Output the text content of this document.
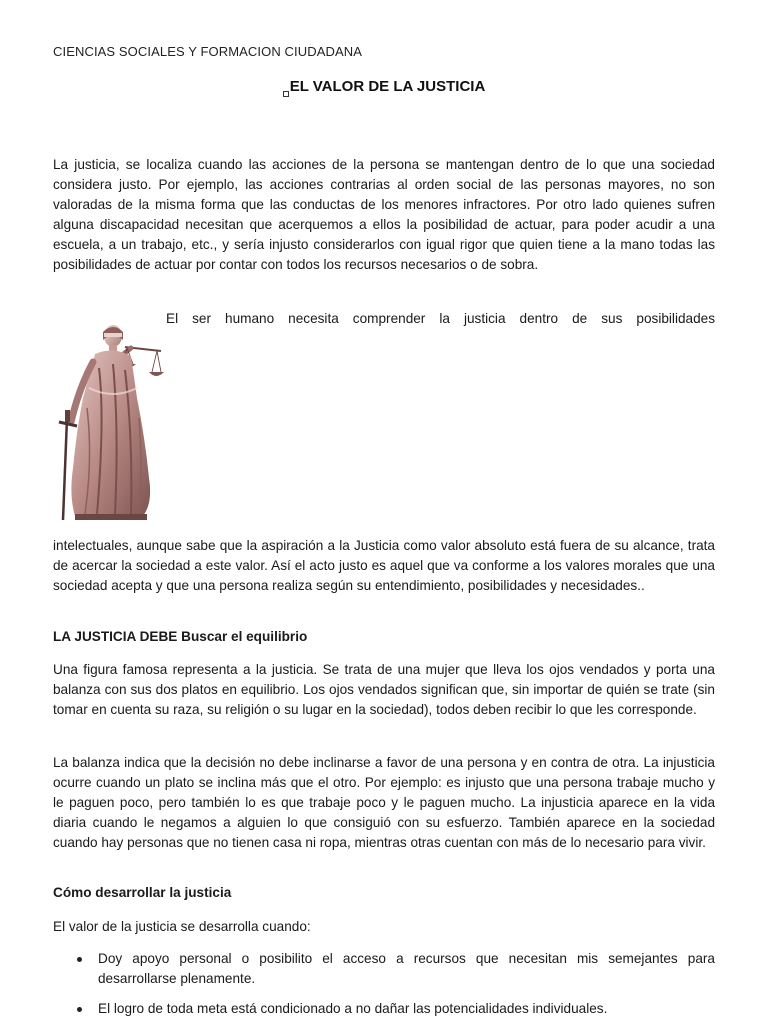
CIENCIAS SOCIALES Y FORMACION CIUDADANA
EL VALOR DE LA JUSTICIA

La justicia, se localiza cuando las acciones de la persona se mantengan dentro de lo que una sociedad considera justo. Por ejemplo, las acciones contrarias al orden social de las personas mayores, no son valoradas de la misma forma que las conductas de los menores infractores. Por otro lado quienes sufren alguna discapacidad necesitan que acerquemos a ellos la posibilidad de actuar, para poder acudir a una escuela, a un trabajo, etc., y sería injusto considerarlos con igual rigor que quien tiene a la mano todas las posibilidades de actuar por contar con todos los recursos necesarios o de sobra.

El ser humano necesita comprender la justicia dentro de sus posibilidades

intelectuales, aunque sabe que la aspiración a la Justicia como valor absoluto está fuera de su alcance, trata de acercar la sociedad a este valor. Así el acto justo es aquel que va conforme a los valores morales que una sociedad acepta y que una persona realiza según su entendimiento, posibilidades y necesidades..

LA JUSTICIA DEBE Buscar el equilibrio

Una figura famosa representa a la justicia. Se trata de una mujer que lleva los ojos vendados y porta una balanza con sus dos platos en equilibrio. Los ojos vendados significan que, sin importar de quién se trate (sin tomar en cuenta su raza, su religión o su lugar en la sociedad), todos deben recibir lo que les corresponde.

La balanza indica que la decisión no debe inclinarse a favor de una persona y en contra de otra. La injusticia ocurre cuando un plato se inclina más que el otro. Por ejemplo: es injusto que una persona trabaje mucho y le paguen poco, pero también lo es que trabaje poco y le paguen mucho. La injusticia aparece en la vida diaria cuando le negamos a alguien lo que consiguió con su esfuerzo. También aparece en la sociedad cuando hay personas que no tienen casa ni ropa, mientras otras cuentan con más de lo necesario para vivir.

Cómo desarrollar la justicia

El valor de la justicia se desarrolla cuando:

Doy apoyo personal o posibilito el acceso a recursos que necesitan mis semejantes para desarrollarse plenamente.
El logro de toda meta está condicionado a no dañar las potencialidades individuales.
